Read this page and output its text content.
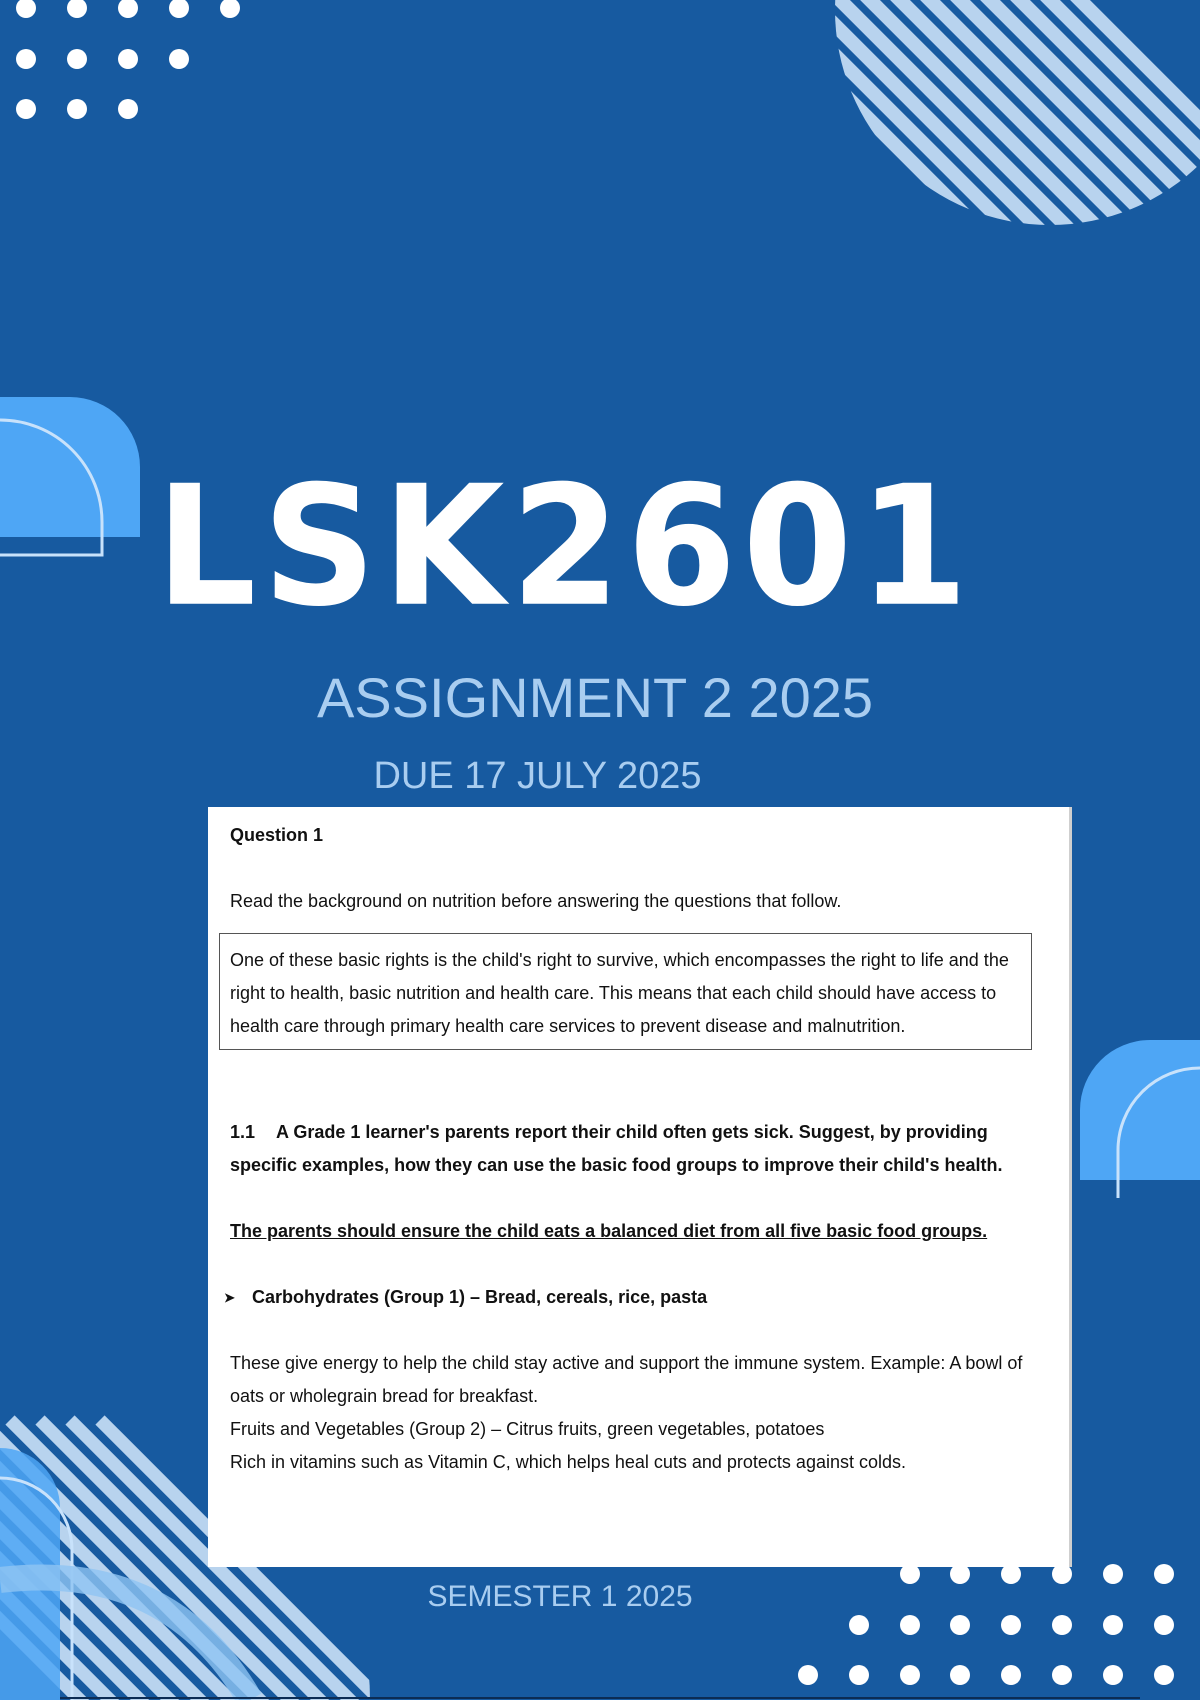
LSK2601
ASSIGNMENT 2 2025
DUE 17 JULY 2025

Question 1

Read the background on nutrition before answering the questions that follow.

One of these basic rights is the child's right to survive, which encompasses the right to life and the right to health, basic nutrition and health care. This means that each child should have access to health care through primary health care services to prevent disease and malnutrition.

1.1 A Grade 1 learner's parents report their child often gets sick. Suggest, by providing specific examples, how they can use the basic food groups to improve their child's health.

The parents should ensure the child eats a balanced diet from all five basic food groups.

➤ Carbohydrates (Group 1) – Bread, cereals, rice, pasta

These give energy to help the child stay active and support the immune system. Example: A bowl of oats or wholegrain bread for breakfast.

Fruits and Vegetables (Group 2) – Citrus fruits, green vegetables, potatoes

Rich in vitamins such as Vitamin C, which helps heal cuts and protects against colds.

SEMESTER 1 2025
